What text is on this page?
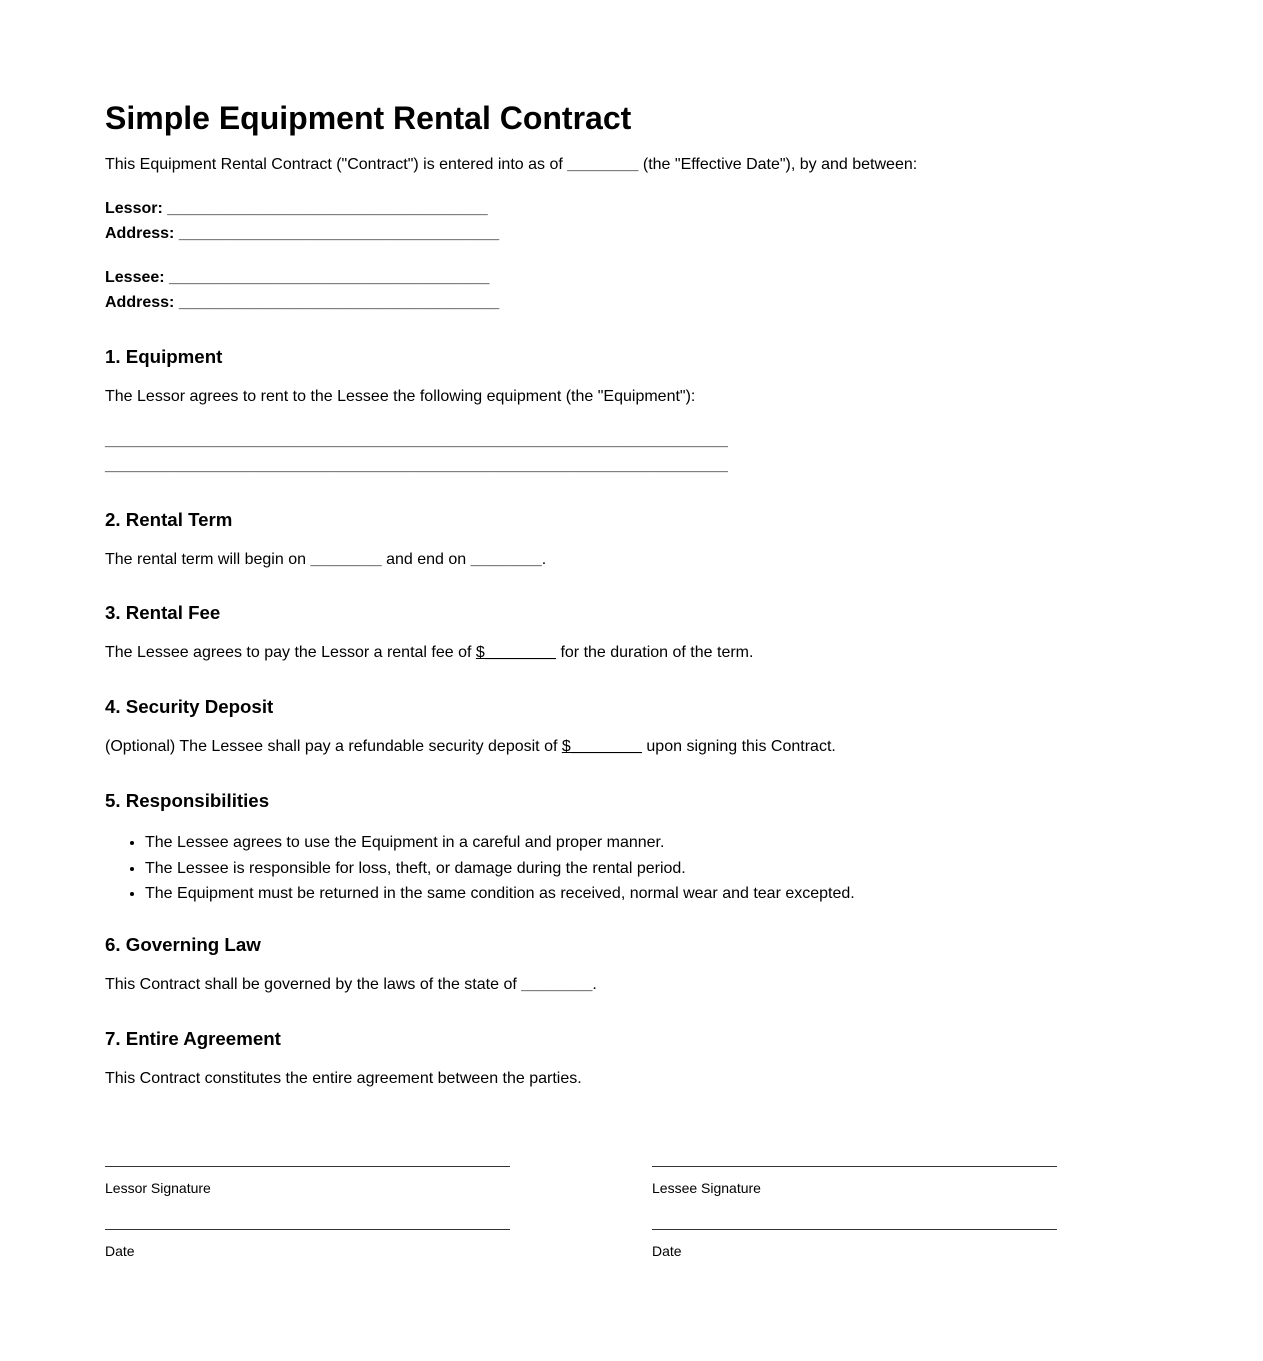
Simple Equipment Rental Contract
This Equipment Rental Contract ("Contract") is entered into as of ________ (the "Effective Date"), by and between:
Lessor: ____________________________________
Address: ____________________________________
Lessee: ____________________________________
Address: ____________________________________
1. Equipment
The Lessor agrees to rent to the Lessee the following equipment (the "Equipment"):
______________________________________________________________________
______________________________________________________________________
2. Rental Term
The rental term will begin on ________ and end on ________.
3. Rental Fee
The Lessee agrees to pay the Lessor a rental fee of $________ for the duration of the term.
4. Security Deposit
(Optional) The Lessee shall pay a refundable security deposit of $________ upon signing this Contract.
5. Responsibilities
• The Lessee agrees to use the Equipment in a careful and proper manner.
• The Lessee is responsible for loss, theft, or damage during the rental period.
• The Equipment must be returned in the same condition as received, normal wear and tear excepted.
6. Governing Law
This Contract shall be governed by the laws of the state of ________.
7. Entire Agreement
This Contract constitutes the entire agreement between the parties.
Lessor Signature
Date
Lessee Signature
Date
